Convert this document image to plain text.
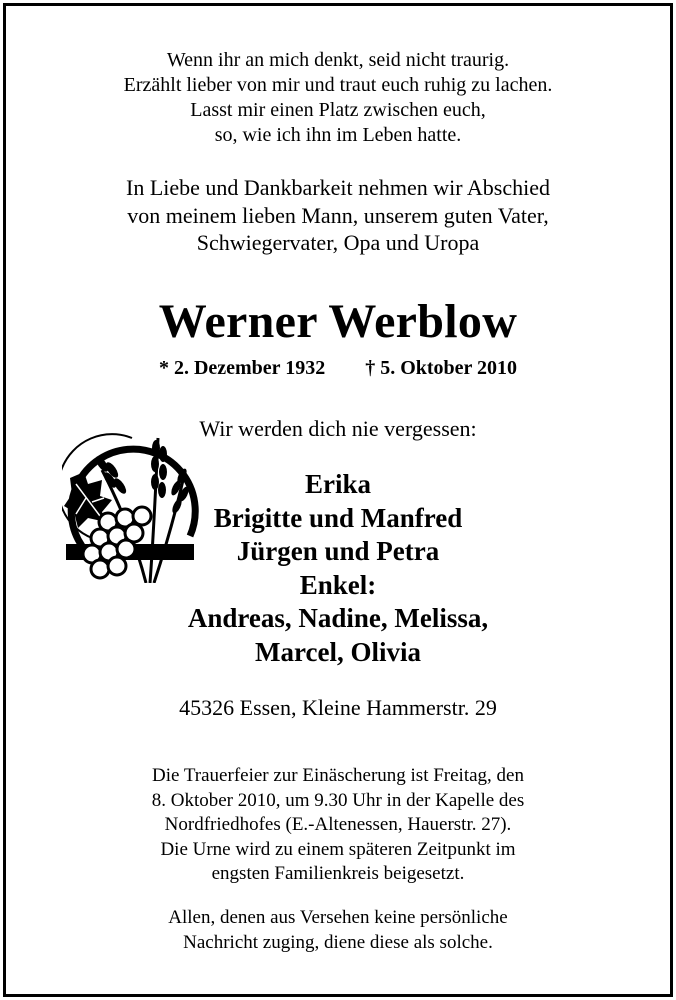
Wenn ihr an mich denkt, seid nicht traurig.
Erzählt lieber von mir und traut euch ruhig zu lachen.
Lasst mir einen Platz zwischen euch,
so, wie ich ihn im Leben hatte.
In Liebe und Dankbarkeit nehmen wir Abschied
von meinem lieben Mann, unserem guten Vater,
Schwiegervater, Opa und Uropa
Werner Werblow
* 2. Dezember 1932 † 5. Oktober 2010
Wir werden dich nie vergessen:
Erika
Brigitte und Manfred
Jürgen und Petra
Enkel:
Andreas, Nadine, Melissa,
Marcel, Olivia
45326 Essen, Kleine Hammerstr. 29
Die Trauerfeier zur Einäscherung ist Freitag, den
8. Oktober 2010, um 9.30 Uhr in der Kapelle des
Nordfriedhofes (E.-Altenessen, Hauerstr. 27).
Die Urne wird zu einem späteren Zeitpunkt im
engsten Familienkreis beigesetzt.
Allen, denen aus Versehen keine persönliche
Nachricht zuging, diene diese als solche.
